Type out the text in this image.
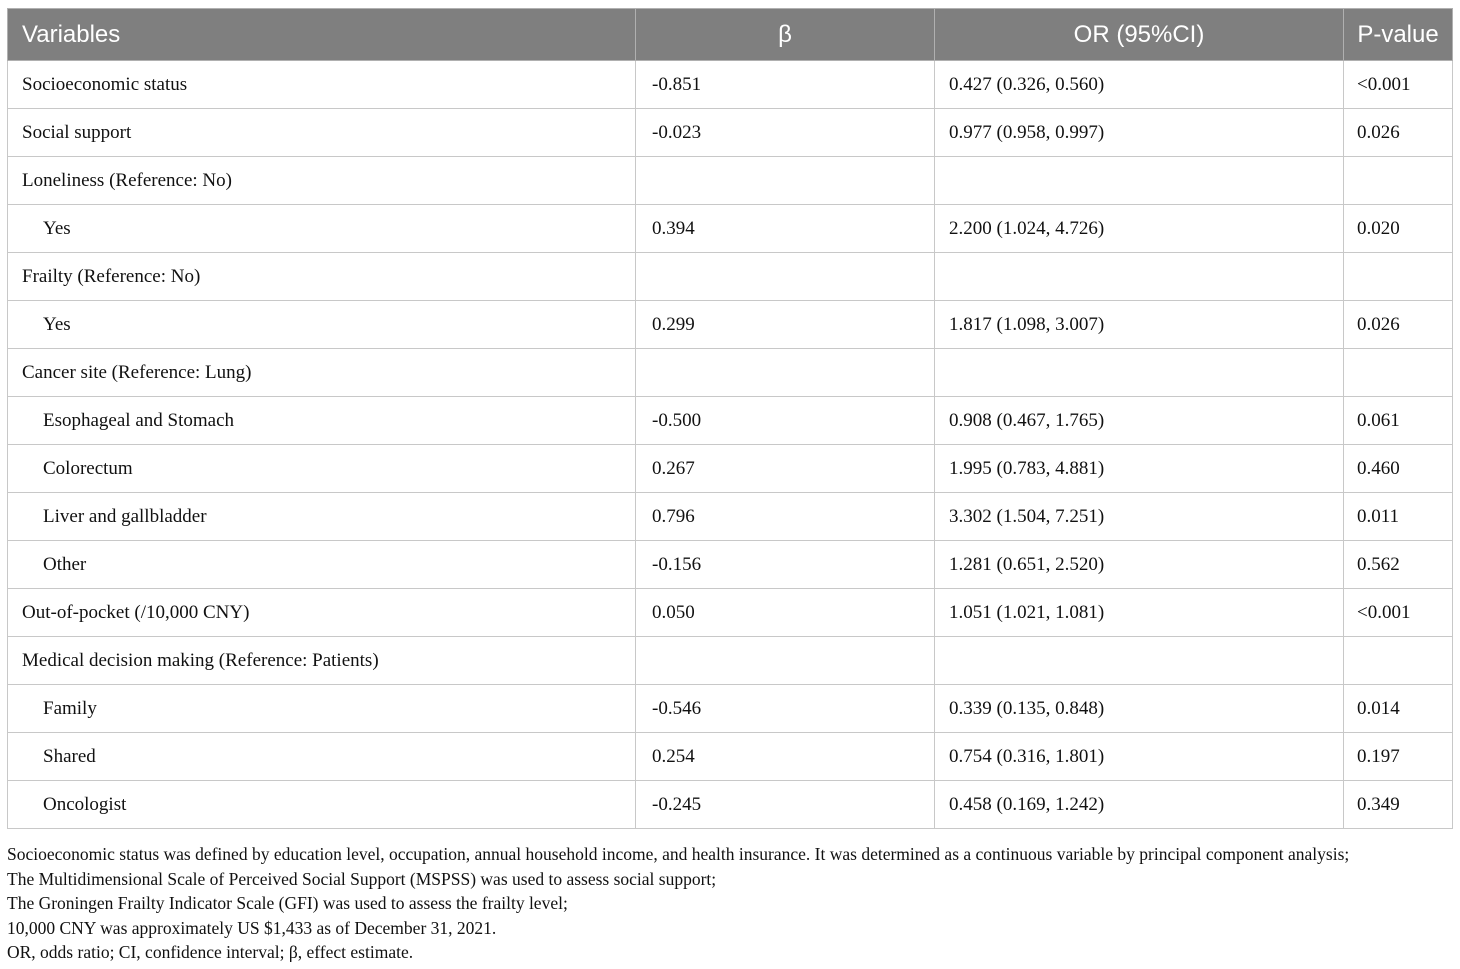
Variables	β	OR (95%CI)	P-value
Socioeconomic status	-0.851	0.427 (0.326, 0.560)	<0.001
Social support	-0.023	0.977 (0.958, 0.997)	0.026
Loneliness (Reference: No)			
Yes	0.394	2.200 (1.024, 4.726)	0.020
Frailty (Reference: No)			
Yes	0.299	1.817 (1.098, 3.007)	0.026
Cancer site (Reference: Lung)			
Esophageal and Stomach	-0.500	0.908 (0.467, 1.765)	0.061
Colorectum	0.267	1.995 (0.783, 4.881)	0.460
Liver and gallbladder	0.796	3.302 (1.504, 7.251)	0.011
Other	-0.156	1.281 (0.651, 2.520)	0.562
Out-of-pocket (/10,000 CNY)	0.050	1.051 (1.021, 1.081)	<0.001
Medical decision making (Reference: Patients)			
Family	-0.546	0.339 (0.135, 0.848)	0.014
Shared	0.254	0.754 (0.316, 1.801)	0.197
Oncologist	-0.245	0.458 (0.169, 1.242)	0.349
Socioeconomic status was defined by education level, occupation, annual household income, and health insurance. It was determined as a continuous variable by principal component analysis;
The Multidimensional Scale of Perceived Social Support (MSPSS) was used to assess social support;
The Groningen Frailty Indicator Scale (GFI) was used to assess the frailty level;
10,000 CNY was approximately US $1,433 as of December 31, 2021.
OR, odds ratio; CI, confidence interval; β, effect estimate.
